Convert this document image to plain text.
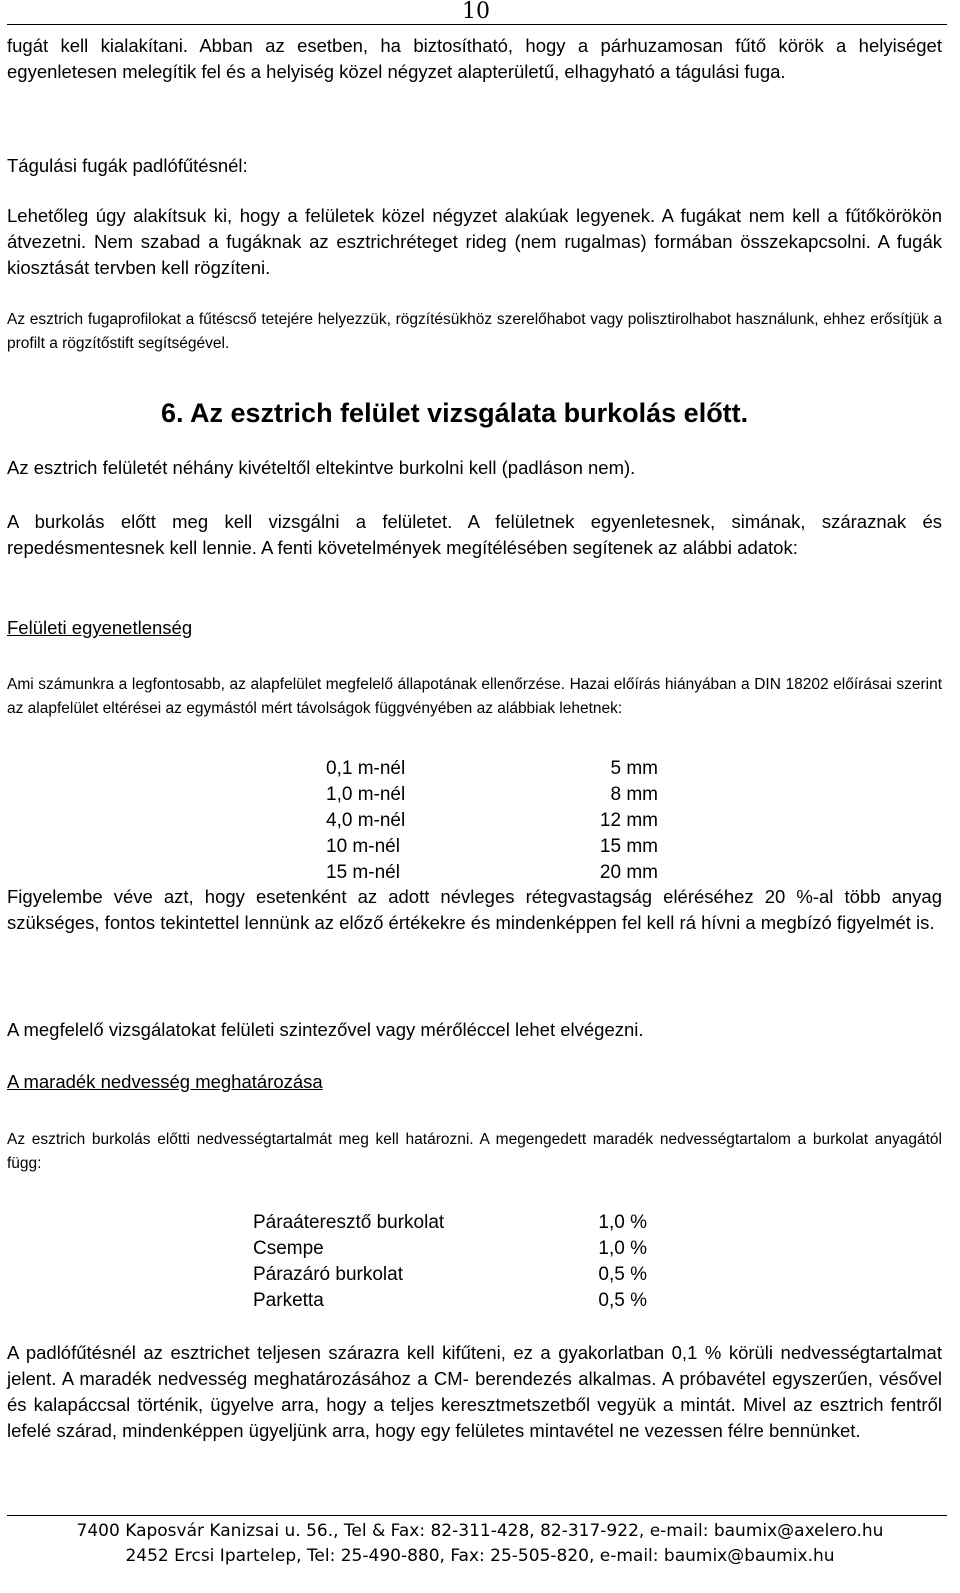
10
fugát kell kialakítani. Abban az esetben, ha biztosítható, hogy a párhuzamosan fűtő körök a helyiséget egyenletesen melegítik fel és a helyiség közel négyzet alapterületű, elhagyható a tágulási fuga.
Tágulási fugák padlófűtésnél:
Lehetőleg úgy alakítsuk ki, hogy a felületek közel négyzet alakúak legyenek. A fugákat nem kell a fűtőkörökön átvezetni. Nem szabad a fugáknak az esztrichréteget rideg (nem rugalmas) formában összekapcsolni. A fugák kiosztását tervben kell rögzíteni.
Az esztrich fugaprofilokat a fűtéscső tetejére helyezzük, rögzítésükhöz szerelőhabot vagy polisztirolhabot használunk, ehhez erősítjük a profilt a rögzítőstift segítségével.
6. Az esztrich felület vizsgálata burkolás előtt.
Az esztrich felületét néhány kivételtől eltekintve burkolni kell (padláson nem).
A burkolás előtt meg kell vizsgálni a felületet. A felületnek egyenletesnek, simának, száraznak és repedésmentesnek kell lennie. A fenti követelmények megítélésében segítenek az alábbi adatok:
Felületi egyenetlenség
Ami számunkra a legfontosabb, az alapfelület megfelelő állapotának ellenőrzése. Hazai előírás hiányában a DIN 18202 előírásai szerint az alapfelület eltérései az egymástól mért távolságok függvényében az alábbiak lehetnek:
0,1 m-nél	5 mm
1,0 m-nél	8 mm
4,0 m-nél	12 mm
10 m-nél	15 mm
15 m-nél	20 mm
Figyelembe véve azt, hogy esetenként az adott névleges rétegvastagság eléréséhez 20 %-al több anyag szükséges, fontos tekintettel lennünk az előző értékekre és mindenképpen fel kell rá hívni a megbízó figyelmét is.
A megfelelő vizsgálatokat felületi szintezővel vagy mérőléccel lehet elvégezni.
A maradék nedvesség meghatározása
Az esztrich burkolás előtti nedvességtartalmát meg kell határozni. A megengedett maradék nedvességtartalom a burkolat anyagától függ:
Páraáteresztő burkolat	1,0 %
Csempe	1,0 %
Párazáró burkolat	0,5 %
Parketta	0,5 %
A padlófűtésnél az esztrichet teljesen szárazra kell kifűteni, ez a gyakorlatban 0,1 % körüli nedvességtartalmat jelent. A maradék nedvesség meghatározásához a CM- berendezés alkalmas. A próbavétel egyszerűen, vésővel és kalapáccsal történik, ügyelve arra, hogy a teljes keresztmetszetből vegyük a mintát. Mivel az esztrich fentről lefelé szárad, mindenképpen ügyeljünk arra, hogy egy felületes mintavétel ne vezessen félre bennünket.
7400 Kaposvár Kanizsai u. 56., Tel & Fax: 82-311-428, 82-317-922, e-mail: baumix@axelero.hu
2452 Ercsi Ipartelep, Tel: 25-490-880, Fax: 25-505-820, e-mail: baumix@baumix.hu
